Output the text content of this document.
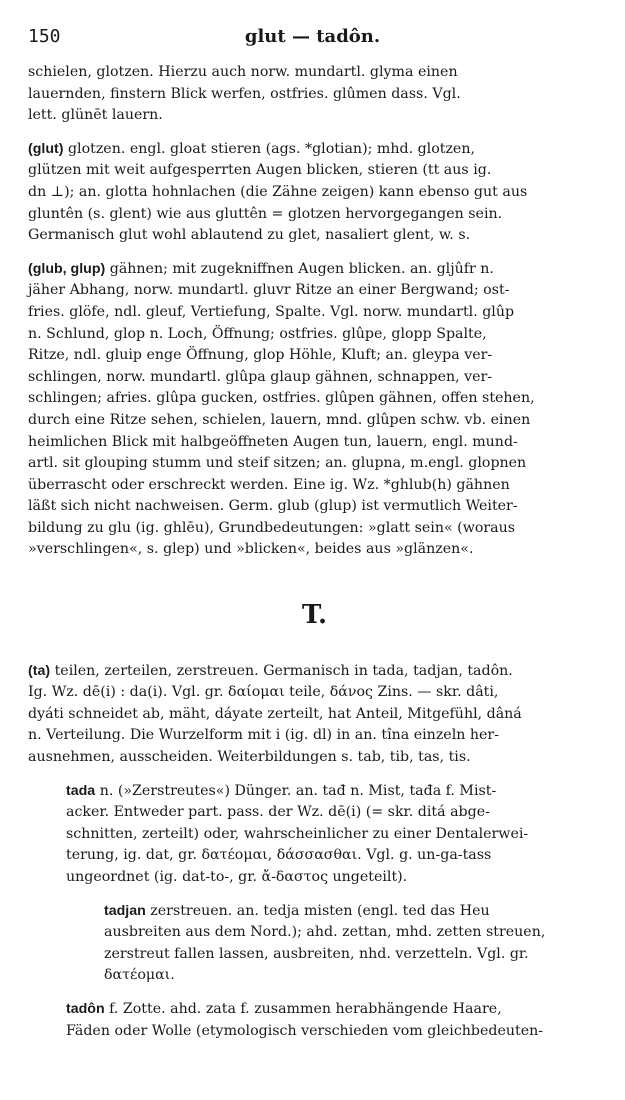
150	glut — tadôn.
schielen, glotzen. Hierzu auch norw. mundartl. glyma einen
lauernden, finstern Blick werfen, ostfries. glûmen dass. Vgl.
lett. glünēt lauern.
(glut) glotzen. engl. gloat stieren (ags. *glotian); mhd. glotzen,
glützen mit weit aufgesperrten Augen blicken, stieren (tt aus ig.
dn ⊥); an. glotta hohnlachen (die Zähne zeigen) kann ebenso gut aus
gluntên (s. glent) wie aus gluttên = glotzen hervorgegangen sein.
Germanisch glut wohl ablautend zu glet, nasaliert glent, w. s.
(glub, glup) gähnen; mit zugekniffnen Augen blicken. an. gljûfr n.
jäher Abhang, norw. mundartl. gluvr Ritze an einer Bergwand; ost-
fries. glöfe, ndl. gleuf, Vertiefung, Spalte. Vgl. norw. mundartl. glûp
n. Schlund, glop n. Loch, Öffnung; ostfries. glûpe, glopp Spalte,
Ritze, ndl. gluip enge Öffnung, glop Höhle, Kluft; an. gleypa ver-
schlingen, norw. mundartl. glûpa glaup gähnen, schnappen, ver-
schlingen; afries. glûpa gucken, ostfries. glûpen gähnen, offen stehen,
durch eine Ritze sehen, schielen, lauern, mnd. glûpen schw. vb. einen
heimlichen Blick mit halbgeöffneten Augen tun, lauern, engl. mund-
artl. sit glouping stumm und steif sitzen; an. glupna, m.engl. glopnen
überrascht oder erschreckt werden. Eine ig. Wz. *ghlub(h) gähnen
läßt sich nicht nachweisen. Germ. glub (glup) ist vermutlich Weiter-
bildung zu glu (ig. ghlēu), Grundbedeutungen: »glatt sein« (woraus
»verschlingen«, s. glep) und »blicken«, beides aus »glänzen«.
T.
(ta) teilen, zerteilen, zerstreuen. Germanisch in tada, tadjan, tadôn.
Ig. Wz. dē(i) : da(i). Vgl. gr. δαίομαι teile, δάνος Zins. — skr. dâti,
dyáti schneidet ab, mäht, dáyate zerteilt, hat Anteil, Mitgefühl, dâná
n. Verteilung. Die Wurzelform mit i (ig. dl) in an. tîna einzeln her-
ausnehmen, ausscheiden. Weiterbildungen s. tab, tib, tas, tis.
tada n. (»Zerstreutes«) Dünger. an. tađ n. Mist, tađa f. Mist-
acker. Entweder part. pass. der Wz. dē(i) (= skr. ditá abge-
schnitten, zerteilt) oder, wahrscheinlicher zu einer Dentalerwei-
terung, ig. dat, gr. δατέομαι, δάσσασθαι. Vgl. g. un-ga-tass
ungeordnet (ig. dat-to-, gr. ἄ-δαστος ungeteilt).
tadjan zerstreuen. an. tedja misten (engl. ted das Heu
ausbreiten aus dem Nord.); ahd. zettan, mhd. zetten streuen,
zerstreut fallen lassen, ausbreiten, nhd. verzetteln. Vgl. gr.
δατέομαι.
tadôn f. Zotte. ahd. zata f. zusammen herabhängende Haare,
Fäden oder Wolle (etymologisch verschieden vom gleichbedeuten-
